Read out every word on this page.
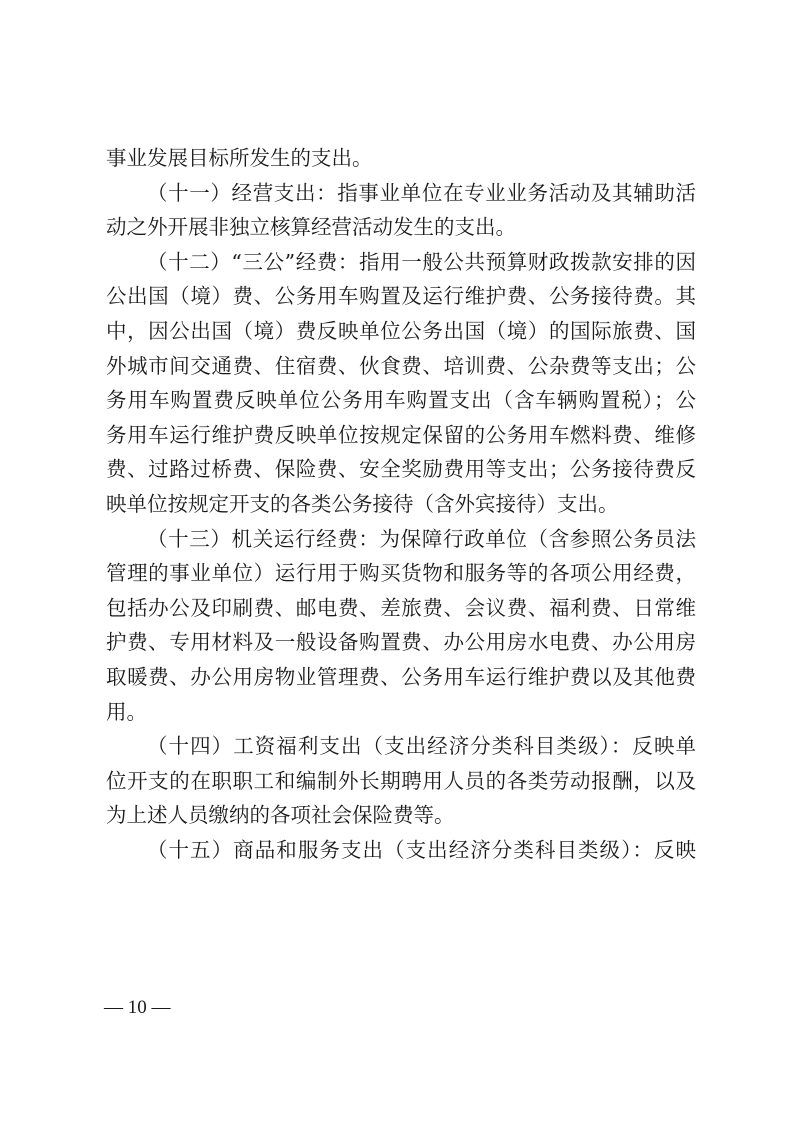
事业发展目标所发生的支出。
（十一）经营支出：指事业单位在专业业务活动及其辅助活
动之外开展非独立核算经营活动发生的支出。
（十二）“三公”经费：指用一般公共预算财政拨款安排的因
公出国（境）费、公务用车购置及运行维护费、公务接待费。其
中，因公出国（境）费反映单位公务出国（境）的国际旅费、国
外城市间交通费、住宿费、伙食费、培训费、公杂费等支出；公
务用车购置费反映单位公务用车购置支出（含车辆购置税）；公
务用车运行维护费反映单位按规定保留的公务用车燃料费、维修
费、过路过桥费、保险费、安全奖励费用等支出；公务接待费反
映单位按规定开支的各类公务接待（含外宾接待）支出。
（十三）机关运行经费：为保障行政单位（含参照公务员法
管理的事业单位）运行用于购买货物和服务等的各项公用经费，
包括办公及印刷费、邮电费、差旅费、会议费、福利费、日常维
护费、专用材料及一般设备购置费、办公用房水电费、办公用房
取暖费、办公用房物业管理费、公务用车运行维护费以及其他费
用。
（十四）工资福利支出（支出经济分类科目类级）：反映单
位开支的在职职工和编制外长期聘用人员的各类劳动报酬，以及
为上述人员缴纳的各项社会保险费等。
（十五）商品和服务支出（支出经济分类科目类级）：反映
— 10 —
